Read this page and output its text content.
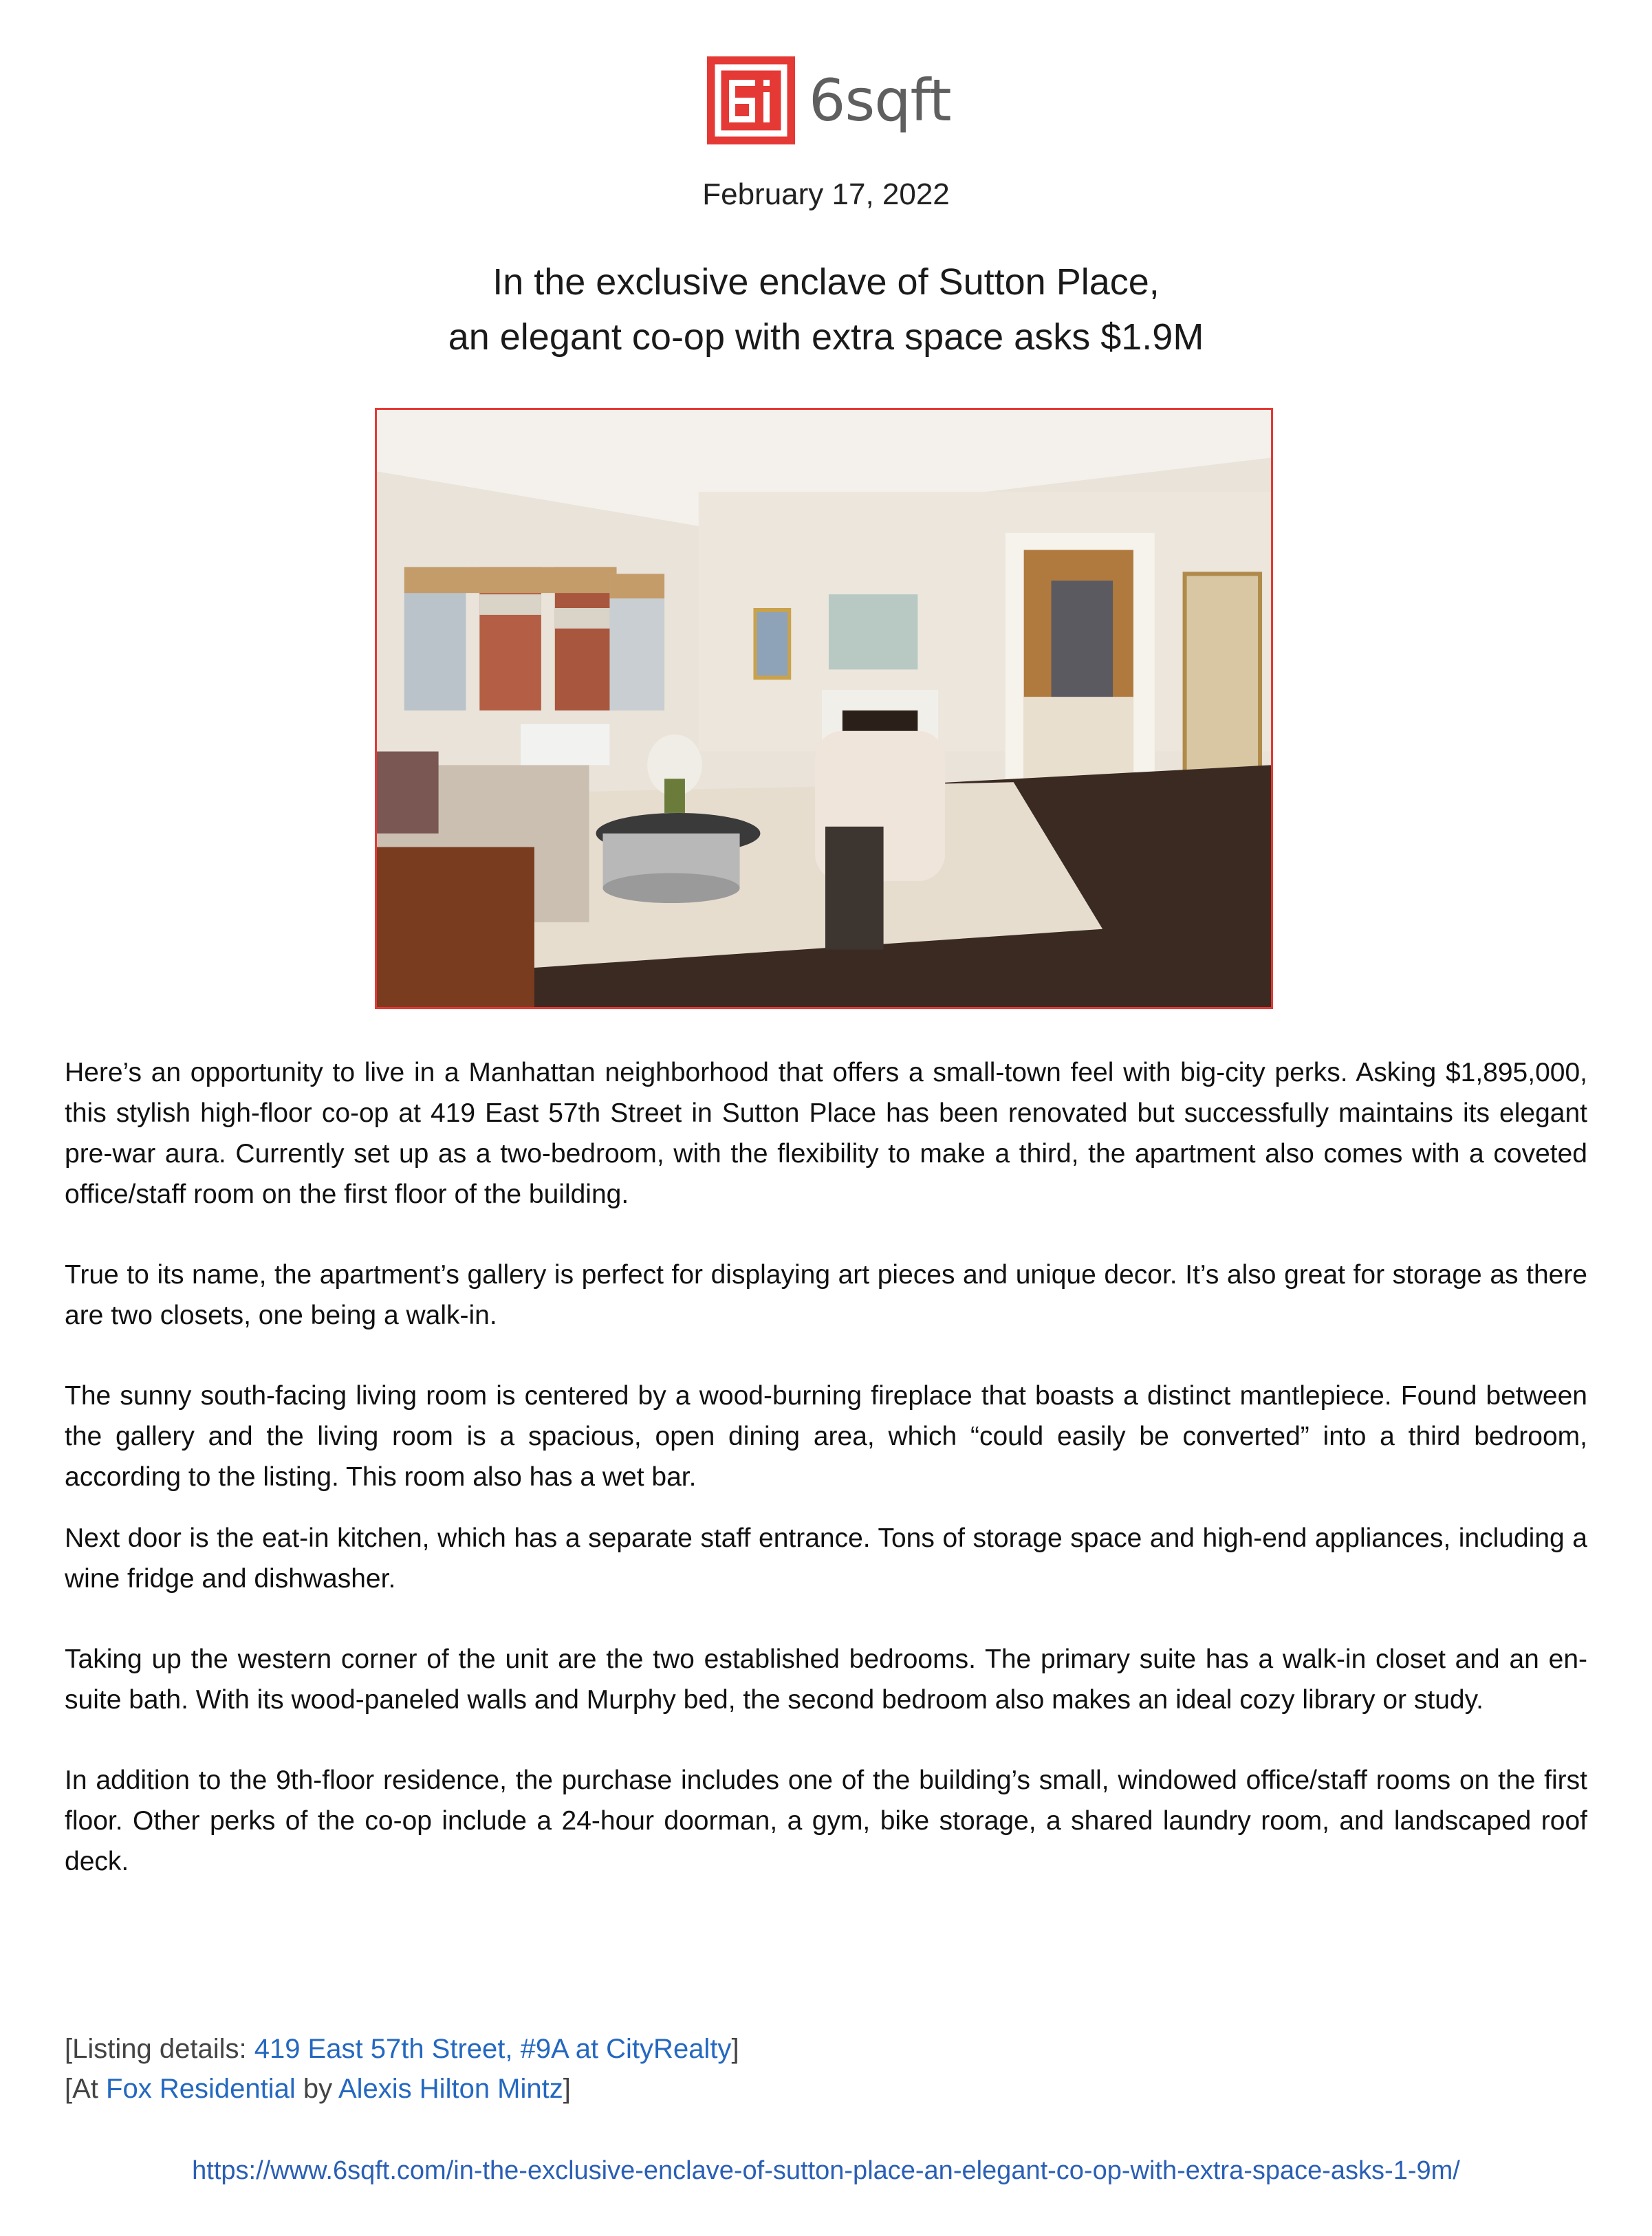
6sqft
February 17, 2022
In the exclusive enclave of Sutton Place,
an elegant co-op with extra space asks $1.9M

Here’s an opportunity to live in a Manhattan neighborhood that offers a small-town feel with big-city perks. Asking $1,895,000, this stylish high-floor co-op at 419 East 57th Street in Sutton Place has been renovated but successfully maintains its elegant pre-war aura. Currently set up as a two-bedroom, with the flexibility to make a third, the apartment also comes with a coveted office/staff room on the first floor of the building.

True to its name, the apartment’s gallery is perfect for displaying art pieces and unique decor. It’s also great for storage as there are two closets, one being a walk-in.

The sunny south-facing living room is centered by a wood-burning fireplace that boasts a distinct mantlepiece. Found between the gallery and the living room is a spacious, open dining area, which “could easily be converted” into a third bedroom, according to the listing. This room also has a wet bar.

Next door is the eat-in kitchen, which has a separate staff entrance. Tons of storage space and high-end appliances, including a wine fridge and dishwasher.

Taking up the western corner of the unit are the two established bedrooms. The primary suite has a walk-in closet and an en-suite bath. With its wood-paneled walls and Murphy bed, the second bedroom also makes an ideal cozy library or study.

In addition to the 9th-floor residence, the purchase includes one of the building’s small, windowed office/staff rooms on the first floor. Other perks of the co-op include a 24-hour doorman, a gym, bike storage, a shared laundry room, and landscaped roof deck.

[Listing details: 419 East 57th Street, #9A at CityRealty]
[At Fox Residential by Alexis Hilton Mintz]
https://www.6sqft.com/in-the-exclusive-enclave-of-sutton-place-an-elegant-co-op-with-extra-space-asks-1-9m/
